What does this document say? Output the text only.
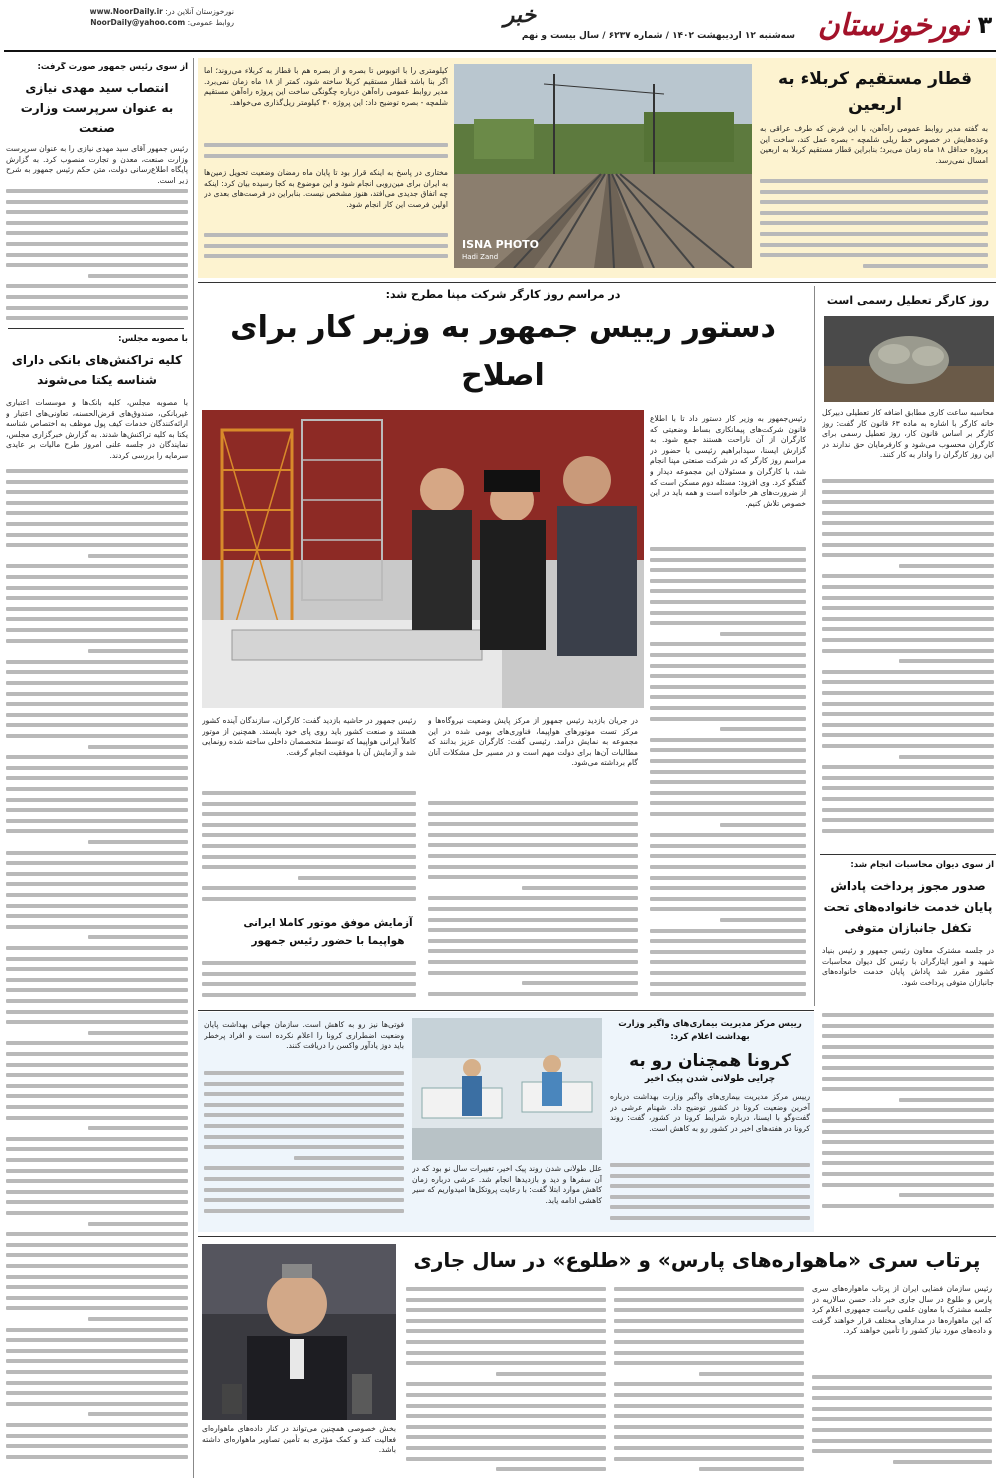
نورخوزستان ۳
سه‌شنبه ۱۲ اردیبهشت ۱۴۰۲ / شماره ۶۲۳۷ / سال بیست و نهم
خبر
نورخوزستان آنلاین در: www.NoorDaily.ir
روابط عمومی: NoorDaily@yahoo.com
از سوی رئیس جمهور صورت گرفت:
انتصاب سید مهدی نیازی
به عنوان سرپرست وزارت صنعت
رئیس جمهور آقای سید مهدی نیازی را به عنوان سرپرست وزارت صنعت، معدن و تجارت منصوب کرد. به گزارش پایگاه اطلاع‌رسانی دولت، متن حکم رئیس جمهور به شرح زیر است.
با مصوبه مجلس:
کلیه تراکنش‌های بانکی دارای
شناسه یکتا می‌شوند
با مصوبه مجلس، کلیه بانک‌ها و موسسات اعتباری غیربانکی، صندوق‌های قرض‌الحسنه، تعاونی‌های اعتبار و ارائه‌کنندگان خدمات کیف پول موظف به اختصاص شناسه یکتا به کلیه تراکنش‌ها شدند. به گزارش خبرگزاری مجلس، نمایندگان در جلسه علنی امروز طرح مالیات بر عایدی سرمایه را بررسی کردند.
قطار مستقیم کربلاء به اربعین
به گفته مدیر روابط عمومی راه‌آهن، با این فرض که طرف عراقی به وعده‌هایش در خصوص خط ریلی شلمچه - بصره عمل کند، ساخت این پروژه حداقل ۱۸ ماه زمان می‌برد؛ بنابراین قطار مستقیم کربلا به اربعین امسال نمی‌رسد.
ISNA PHOTO
Hadi Zand
کیلومتری را با اتوبوس تا بصره و از بصره هم با قطار به کربلاء می‌روند؛ اما اگر بنا باشد قطار مستقیم کربلا ساخته شود، کمتر از ۱۸ ماه زمان نمی‌برد. مدیر روابط عمومی راه‌آهن درباره چگونگی ساخت این پروژه راه‌آهن مستقیم شلمچه - بصره توضیح داد: این پروژه ۳۰ کیلومتر ریل‌گذاری می‌خواهد.
مختاری در پاسخ به اینکه قرار بود تا پایان ماه رمضان وضعیت تحویل زمین‌ها به ایران برای مین‌روبی انجام شود و این موضوع به کجا رسیده بیان کرد: اینکه چه اتفاق جدیدی می‌افتد، هنوز مشخص نیست. بنابراین در فرصت‌های بعدی در اولین فرصت این کار انجام شود.
در مراسم روز کارگر شرکت مپنا مطرح شد:
دستور رییس جمهور به وزیر کار برای اصلاح
رئیس‌جمهور به وزیر کار دستور داد تا با اطلاع قانون شرکت‌های پیمانکاری بساط وضعیتی که کارگران از آن ناراحت هستند جمع شود. به گزارش ایسنا، سیدابراهیم رئیسی با حضور در مراسم روز کارگر که در شرکت صنعتی مپنا انجام شد، با کارگران و مسئولان این مجموعه دیدار و گفتگو کرد. وی افزود: مسئله دوم مسکن است که از ضرورت‌های هر خانواده است و همه باید در این خصوص تلاش کنیم.
در جریان بازدید رئیس جمهور از مرکز پایش وضعیت نیروگاه‌ها و مرکز تست موتورهای هواپیما، فناوری‌های بومی شده در این مجموعه به نمایش درآمد. رئیسی گفت: کارگران عزیز بدانند که مطالبات آن‌ها برای دولت مهم است و در مسیر حل مشکلات آنان گام برداشته می‌شود.
آزمایش موفق موتور کاملا ایرانی هواپیما با حضور رئیس جمهور
رئیس جمهور در حاشیه بازدید گفت: کارگران، سازندگان آینده کشور هستند و صنعت کشور باید روی پای خود بایستد. همچنین از موتور کاملاً ایرانی هواپیما که توسط متخصصان داخلی ساخته شده رونمایی شد و آزمایش آن با موفقیت انجام گرفت.
روز کارگر تعطیل رسمی است
محاسبه ساعت کاری مطابق اضافه کار تعطیلی دبیرکل خانه کارگر با اشاره به ماده ۶۳ قانون کار گفت: روز کارگر بر اساس قانون کار، روز تعطیل رسمی برای کارگران محسوب می‌شود و کارفرمایان حق ندارند در این روز کارگران را وادار به کار کنند.
از سوی دیوان محاسبات انجام شد:
صدور مجوز پرداخت پاداش
پایان خدمت خانواده‌های تحت
تکفل جانبازان متوفی
در جلسه مشترک معاون رئیس جمهور و رئیس بنیاد شهید و امور ایثارگران با رئیس کل دیوان محاسبات کشور مقرر شد پاداش پایان خدمت خانواده‌های جانبازان متوفی پرداخت شود.
رییس مرکز مدیریت بیماری‌های واگیر وزارت بهداشت اعلام کرد:
کرونا همچنان رو به
چرایی طولانی شدن پیک اخیر
رییس مرکز مدیریت بیماری‌های واگیر وزارت بهداشت درباره آخرین وضعیت کرونا در کشور توضیح داد. شهنام عرشی در گفت‌وگو با ایسنا، درباره شرایط کرونا در کشور، گفت: روند کرونا در هفته‌های اخیر در کشور رو به کاهش است.
علل طولانی شدن روند پیک اخیر، تغییرات سال نو بود که در آن سفرها و دید و بازدیدها انجام شد. عرشی درباره زمان کاهش موارد ابتلا گفت: با رعایت پروتکل‌ها امیدواریم که سیر کاهشی ادامه یابد.
فوتی‌ها نیز رو به کاهش است. سازمان جهانی بهداشت پایان وضعیت اضطراری کرونا را اعلام نکرده است و افراد پرخطر باید دوز یادآور واکسن را دریافت کنند.
پرتاب سری «ماهواره‌های پارس» و «طلوع» در سال جاری
رئیس سازمان فضایی ایران از پرتاب ماهواره‌های سری پارس و طلوع در سال جاری خبر داد. حسن سالاریه در جلسه مشترک با معاون علمی ریاست جمهوری اعلام کرد که این ماهواره‌ها در مدارهای مختلف قرار خواهند گرفت و داده‌های مورد نیاز کشور را تأمین خواهند کرد.
بخش خصوصی همچنین می‌تواند در کنار داده‌های ماهواره‌ای فعالیت کند و کمک مؤثری به تأمین تصاویر ماهواره‌ای داشته باشد.
